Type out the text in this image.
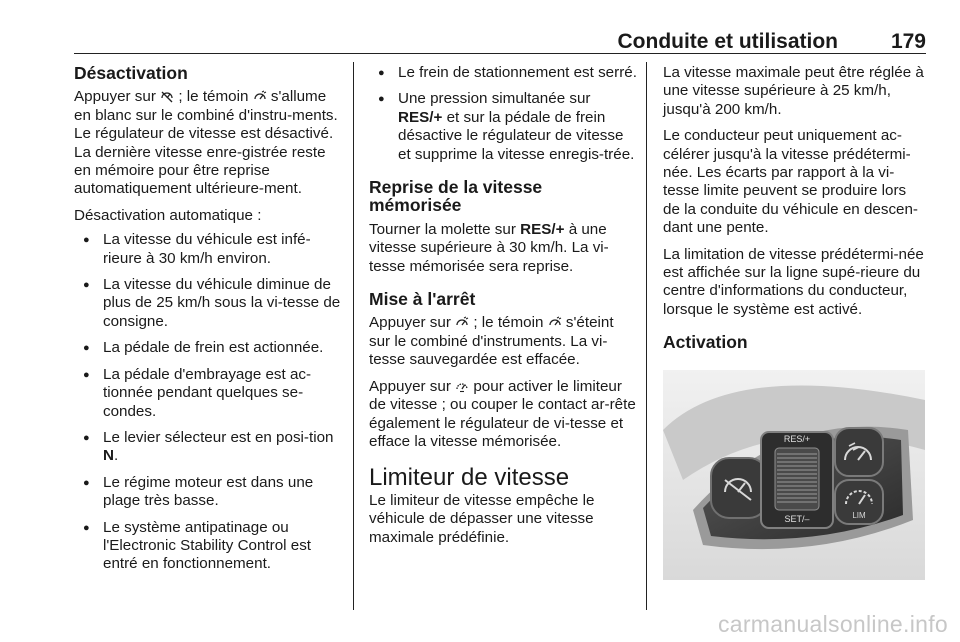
Conduite et utilisation	179
Désactivation

Appuyer sur ; le témoin s'allume en blanc sur le combiné d'instru-ments. Le régulateur de vitesse est désactivé. La dernière vitesse enre-gistrée reste en mémoire pour être reprise automatiquement ultérieure-ment.

Désactivation automatique :

● La vitesse du véhicule est infé-rieure à 30 km/h environ.
● La vitesse du véhicule diminue de plus de 25 km/h sous la vi-tesse de consigne.
● La pédale de frein est actionnée.
● La pédale d'embrayage est ac-tionnée pendant quelques se-condes.
● Le levier sélecteur est en posi-tion N.
● Le régime moteur est dans une plage très basse.
● Le système antipatinage ou l'Electronic Stability Control est entré en fonctionnement.
● Le frein de stationnement est serré.
● Une pression simultanée sur RES/+ et sur la pédale de frein désactive le régulateur de vitesse et supprime la vitesse enregis-trée.
Reprise de la vitesse mémorisée

Tourner la molette sur RES/+ à une vitesse supérieure à 30 km/h. La vi-tesse mémorisée sera reprise.

Mise à l'arrêt

Appuyer sur ; le témoin s'éteint sur le combiné d'instruments. La vi-tesse sauvegardée est effacée.

Appuyer sur pour activer le limiteur de vitesse ; ou couper le contact ar-rête également le régulateur de vi-tesse et efface la vitesse mémorisée.

Limiteur de vitesse

Le limiteur de vitesse empêche le véhicule de dépasser une vitesse maximale prédéfinie.

La vitesse maximale peut être réglée à une vitesse supérieure à 25 km/h, jusqu'à 200 km/h.

Le conducteur peut uniquement ac-célérer jusqu'à la vitesse prédétermi-née. Les écarts par rapport à la vi-tesse limite peuvent se produire lors de la conduite du véhicule en descen-dant une pente.

La limitation de vitesse prédétermi-née est affichée sur la ligne supé-rieure du centre d'informations du conducteur, lorsque le système est activé.

Activation
RES/+
SET/–	LIM
carmanualsonline.info
